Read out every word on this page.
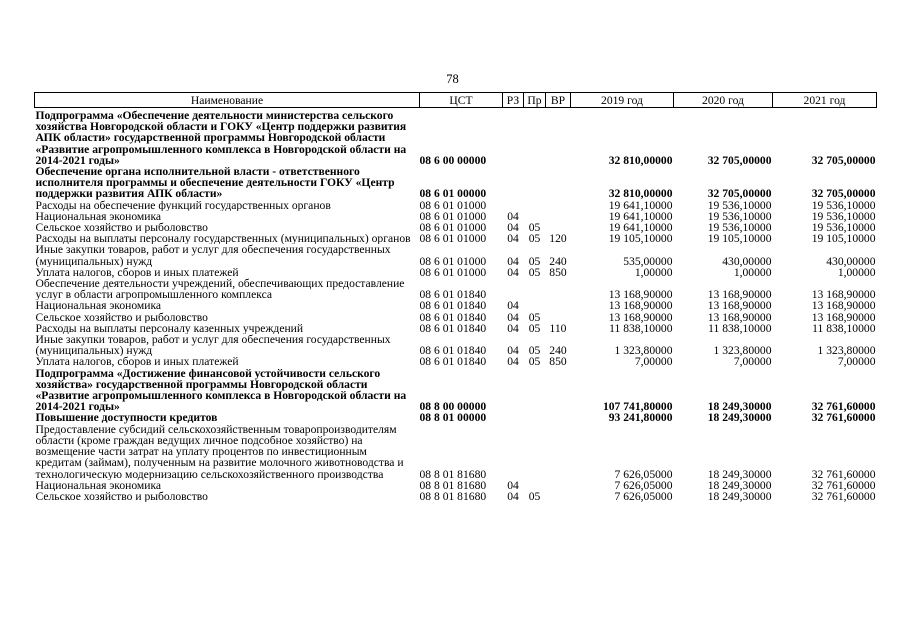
78
Наименование	ЦСТ	РЗ	Пр	ВР	2019 год	2020 год	2021 год
Подпрограмма «Обеспечение деятельности министерства сельского хозяйства Новгородской области и ГОКУ «Центр поддержки развития АПК области» государственной программы Новгородской области «Развитие агропромышленного комплекса в Новгородской области на 2014-2021 годы»	08 6 00 00000				32 810,00000	32 705,00000	32 705,00000
Обеспечение органа исполнительной власти - ответственного исполнителя программы и обеспечение деятельности ГОКУ «Центр поддержки развития АПК области»	08 6 01 00000				32 810,00000	32 705,00000	32 705,00000
Расходы на обеспечение функций государственных органов	08 6 01 01000				19 641,10000	19 536,10000	19 536,10000
Национальная экономика	08 6 01 01000	04			19 641,10000	19 536,10000	19 536,10000
Сельское хозяйство и рыболовство	08 6 01 01000	04	05		19 641,10000	19 536,10000	19 536,10000
Расходы на выплаты персоналу государственных (муниципальных) органов	08 6 01 01000	04	05	120	19 105,10000	19 105,10000	19 105,10000
Иные закупки товаров, работ и услуг для обеспечения государственных (муниципальных) нужд	08 6 01 01000	04	05	240	535,00000	430,00000	430,00000
Уплата налогов, сборов и иных платежей	08 6 01 01000	04	05	850	1,00000	1,00000	1,00000
Обеспечение деятельности учреждений, обеспечивающих предоставление услуг в области агропромышленного комплекса	08 6 01 01840				13 168,90000	13 168,90000	13 168,90000
Национальная экономика	08 6 01 01840	04			13 168,90000	13 168,90000	13 168,90000
Сельское хозяйство и рыболовство	08 6 01 01840	04	05		13 168,90000	13 168,90000	13 168,90000
Расходы на выплаты персоналу казенных учреждений	08 6 01 01840	04	05	110	11 838,10000	11 838,10000	11 838,10000
Иные закупки товаров, работ и услуг для обеспечения государственных (муниципальных) нужд	08 6 01 01840	04	05	240	1 323,80000	1 323,80000	1 323,80000
Уплата налогов, сборов и иных платежей	08 6 01 01840	04	05	850	7,00000	7,00000	7,00000
Подпрограмма «Достижение финансовой устойчивости сельского хозяйства» государственной программы Новгородской области «Развитие агропромышленного комплекса в Новгородской области на 2014-2021 годы»	08 8 00 00000				107 741,80000	18 249,30000	32 761,60000
Повышение доступности кредитов	08 8 01 00000				93 241,80000	18 249,30000	32 761,60000
Предоставление субсидий сельскохозяйственным товаропроизводителям области (кроме граждан ведущих личное подсобное хозяйство) на возмещение части затрат на уплату процентов по инвестиционным кредитам (займам), полученным на развитие молочного животноводства и технологическую модернизацию сельскохозяйственного производства	08 8 01 81680				7 626,05000	18 249,30000	32 761,60000
Национальная экономика	08 8 01 81680	04			7 626,05000	18 249,30000	32 761,60000
Сельское хозяйство и рыболовство	08 8 01 81680	04	05		7 626,05000	18 249,30000	32 761,60000
